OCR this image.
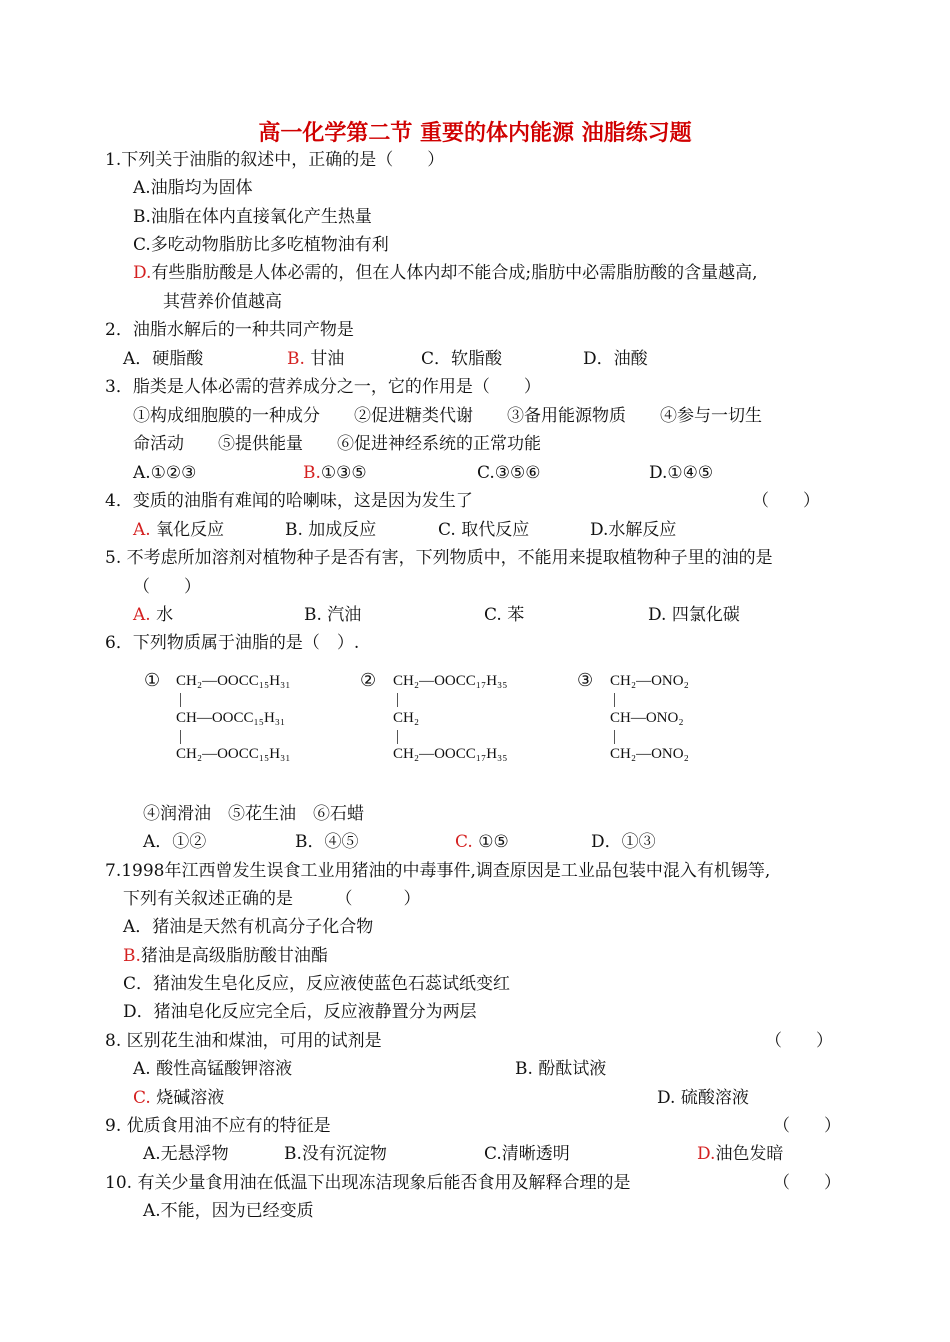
高一化学第二节 重要的体内能源 油脂练习题
1.下列关于油脂的叙述中，正确的是（　　）
A.油脂均为固体
B.油脂在体内直接氧化产生热量
C.多吃动物脂肪比多吃植物油有利
D.有些脂肪酸是人体必需的，但在人体内却不能合成;脂肪中必需脂肪酸的含量越高,
其营养价值越高
2．油脂水解后的一种共同产物是
A．硬脂酸	B. 甘油	C．软脂酸	D．油酸
3．脂类是人体必需的营养成分之一，它的作用是（　　）
①构成细胞膜的一种成分　　②促进糖类代谢　　③备用能源物质　　④参与一切生
命活动　　⑤提供能量　　⑥促进神经系统的正常功能
A.①②③	B.①③⑤	C.③⑤⑥	D.①④⑤
4．变质的油脂有难闻的哈喇味，这是因为发生了	（　　）
A. 氧化反应	B. 加成反应	C. 取代反应	D.水解反应
5. 不考虑所加溶剂对植物种子是否有害，下列物质中，不能用来提取植物种子里的油的是
（　　）
A. 水	B. 汽油	C. 苯	D. 四氯化碳
6．下列物质属于油脂的是（　）.
① CH₂—OOCC₁₅H₃₁
CH—OOCC₁₅H₃₁
CH₂—OOCC₁₅H₃₁
② CH₂—OOCC₁₇H₃₅
CH₂
CH₂—OOCC₁₇H₃₅
③ CH₂—ONO₂
CH—ONO₂
CH₂—ONO₂
④润滑油　⑤花生油　⑥石蜡
A．①②	B．④⑤	C. ①⑤	D．①③
7.1998年江西曾发生误食工业用猪油的中毒事件,调查原因是工业品包装中混入有机锡等,
下列有关叙述正确的是　　　（　　　）
A．猪油是天然有机高分子化合物
B.猪油是高级脂肪酸甘油酯
C．猪油发生皂化反应，反应液使蓝色石蕊试纸变红
D．猪油皂化反应完全后，反应液静置分为两层
8. 区别花生油和煤油，可用的试剂是	（　　）
A. 酸性高锰酸钾溶液	B. 酚酞试液
C. 烧碱溶液	D. 硫酸溶液
9. 优质食用油不应有的特征是	（　　）
A.无悬浮物	B.没有沉淀物	C.清晰透明	D.油色发暗
10. 有关少量食用油在低温下出现冻洁现象后能否食用及解释合理的是	（　　）
A.不能，因为已经变质
